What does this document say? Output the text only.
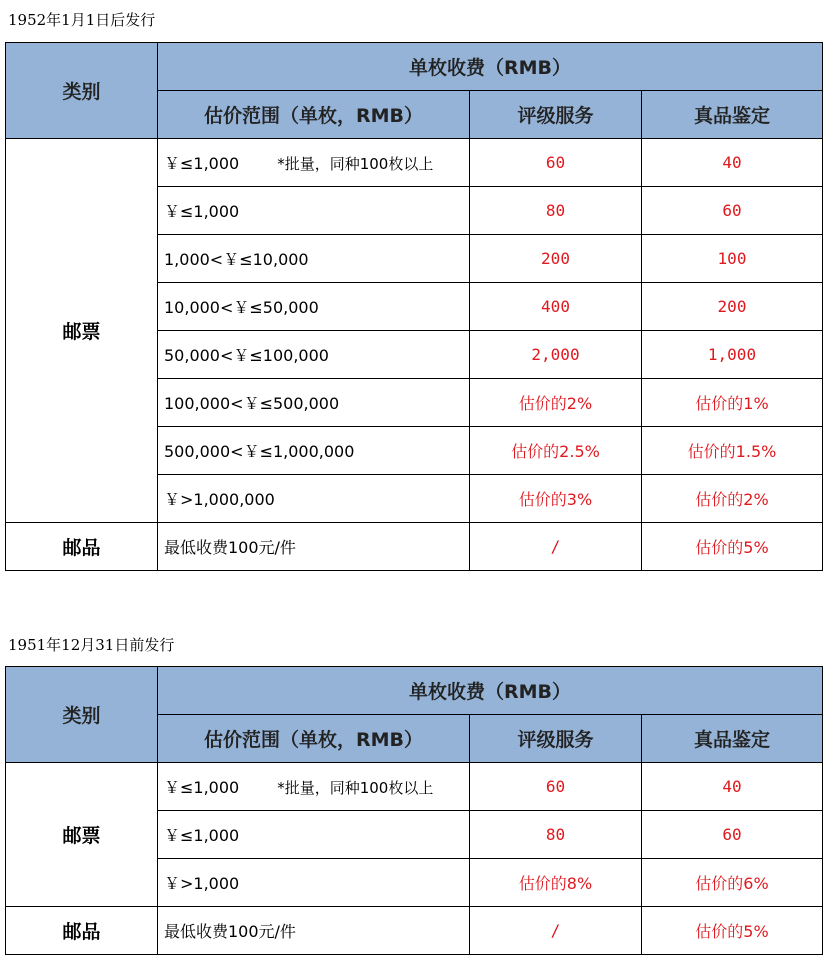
1952年1月1日后发行
类别	单枚收费（RMB）		
	估价范围（单枚，RMB）	评级服务	真品鉴定
邮票	￥≤1,000 *批量，同种100枚以上	60	40
	￥≤1,000	80	60
	1,000<￥≤10,000	200	100
	10,000<￥≤50,000	400	200
	50,000<￥≤100,000	2,000	1,000
	100,000<￥≤500,000	估价的2%	估价的1%
	500,000<￥≤1,000,000	估价的2.5%	估价的1.5%
	￥>1,000,000	估价的3%	估价的2%
邮品	最低收费100元/件	/	估价的5%
1951年12月31日前发行
类别	单枚收费（RMB）		
	估价范围（单枚，RMB）	评级服务	真品鉴定
邮票	￥≤1,000 *批量，同种100枚以上	60	40
	￥≤1,000	80	60
	￥>1,000	估价的8%	估价的6%
邮品	最低收费100元/件	/	估价的5%
